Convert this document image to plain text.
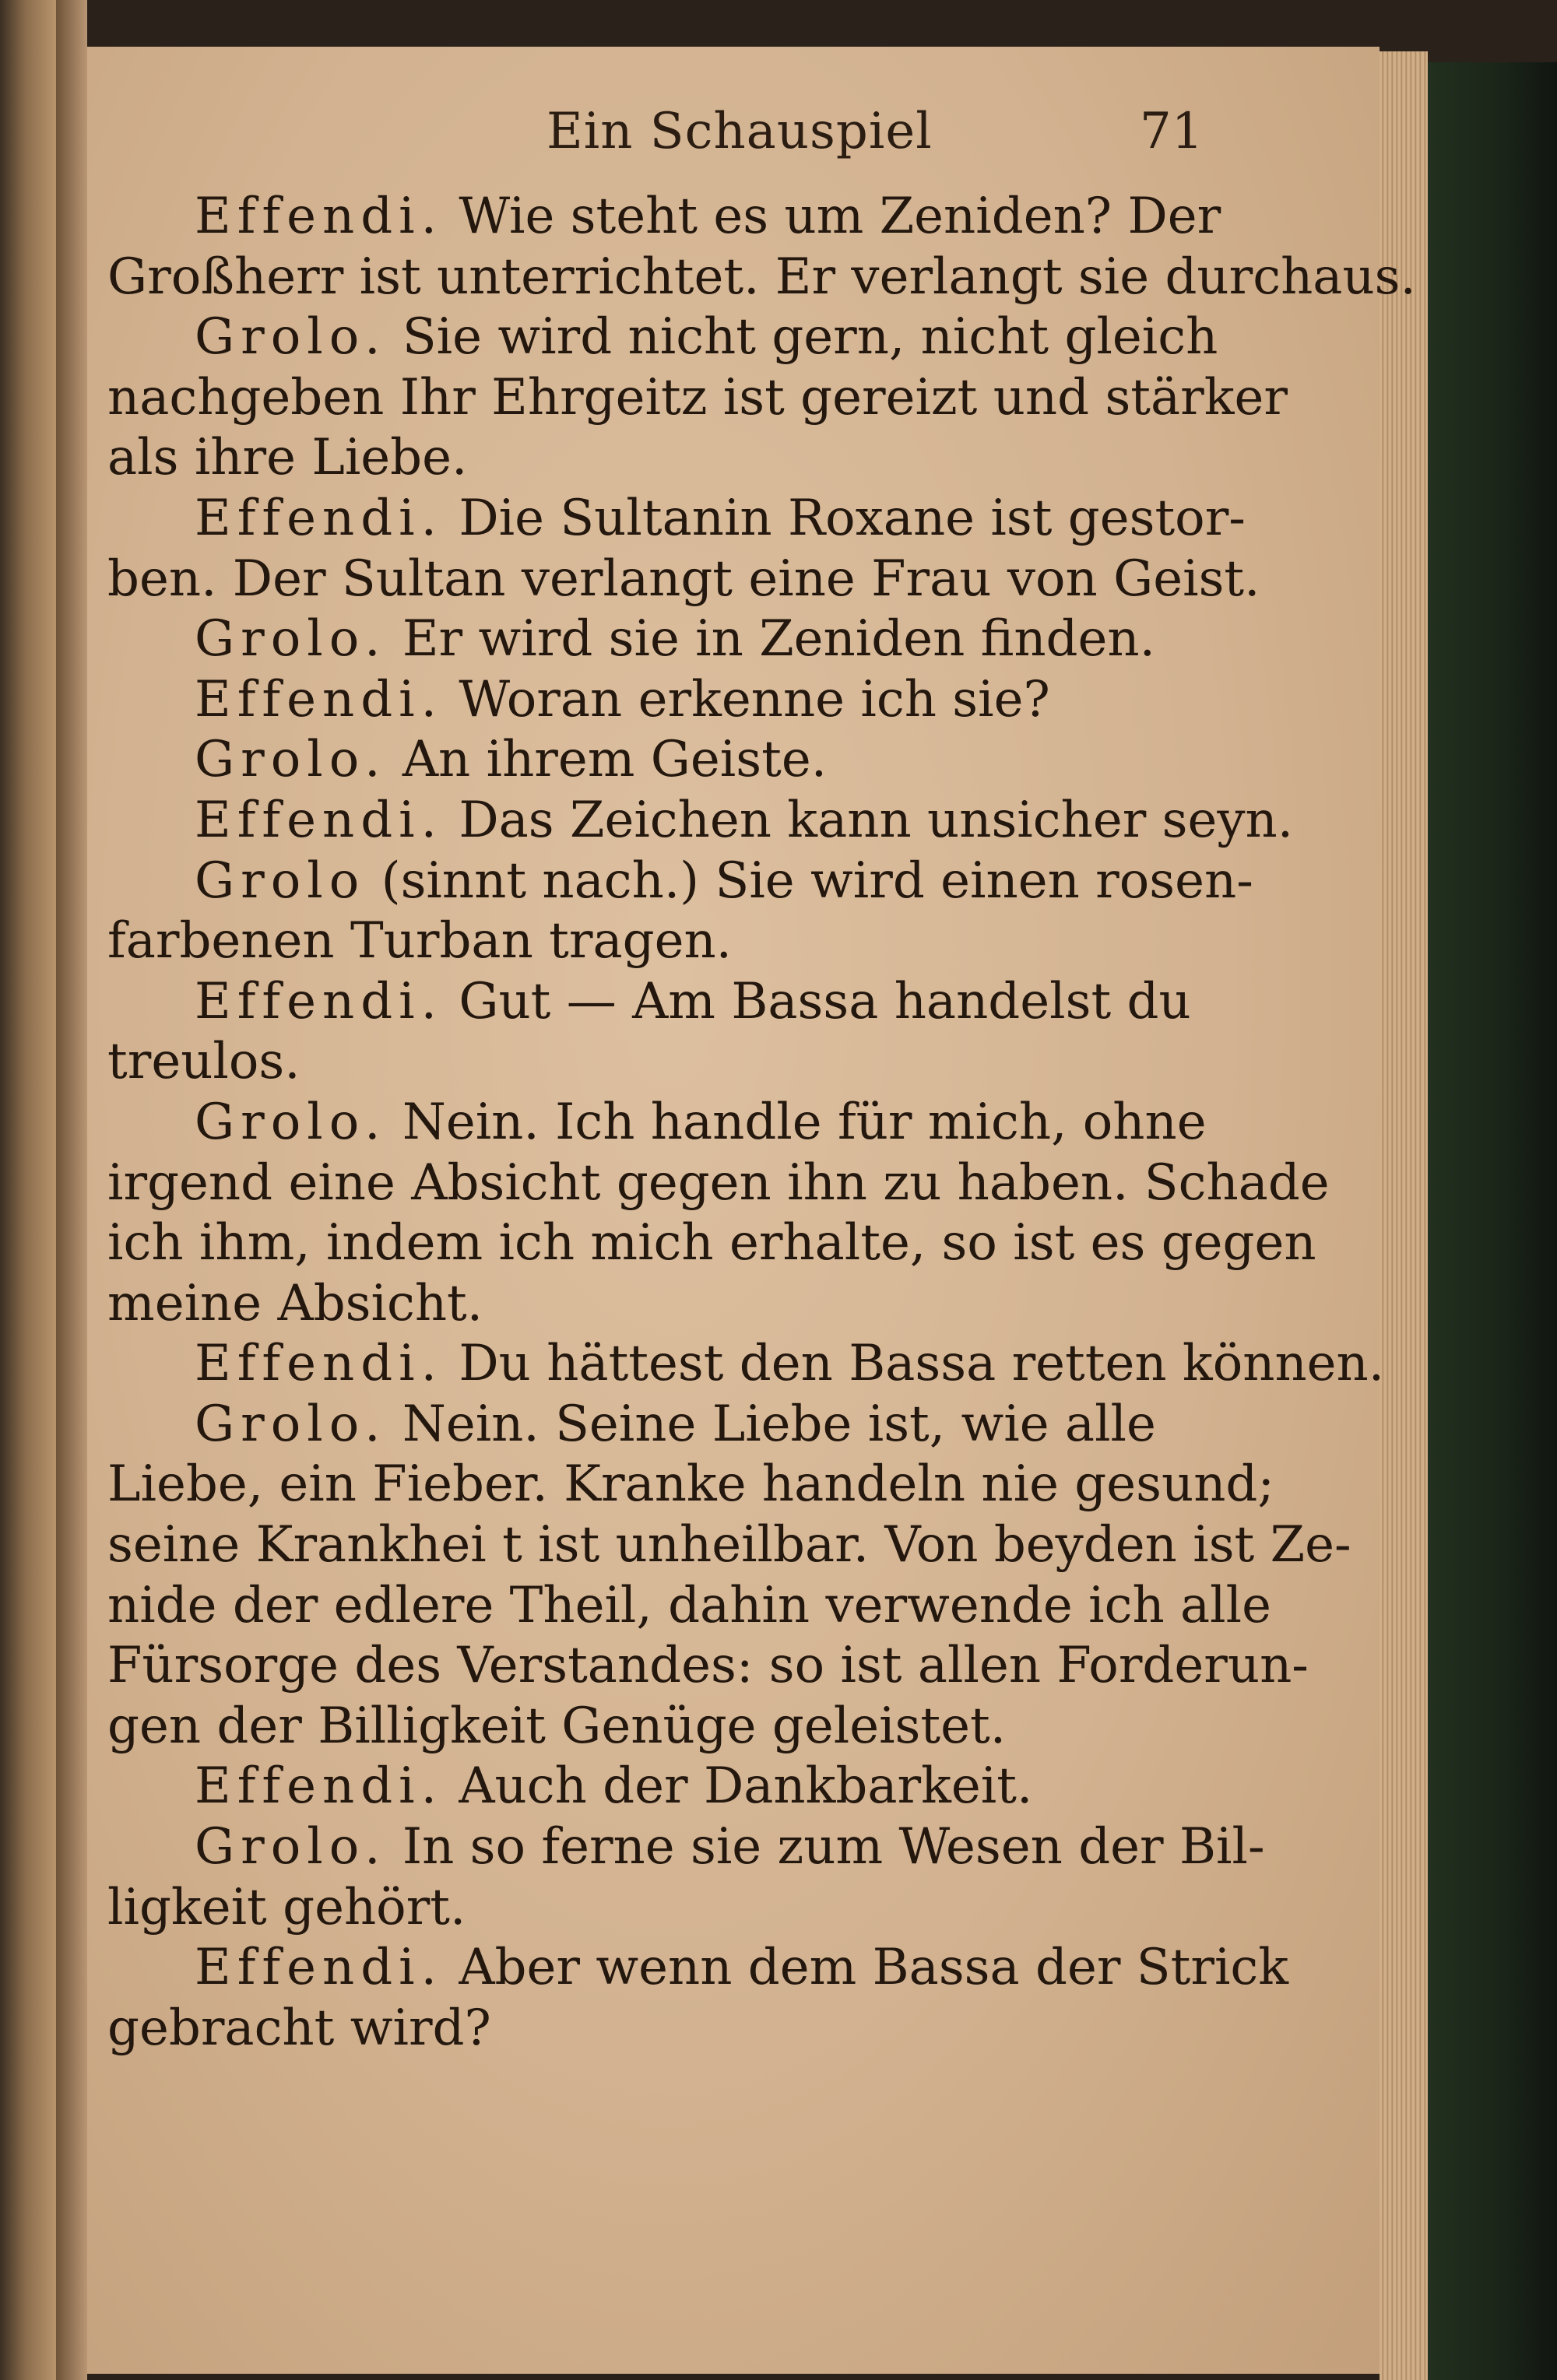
Ein Schauspiel	71
Effendi. Wie steht es um Zeniden? Der
Großherr ist unterrichtet. Er verlangt sie durchaus.
Grolo. Sie wird nicht gern, nicht gleich
nachgeben Ihr Ehrgeitz ist gereizt und stärker
als ihre Liebe.
Effendi. Die Sultanin Roxane ist gestor-
ben. Der Sultan verlangt eine Frau von Geist.
Grolo. Er wird sie in Zeniden finden.
Effendi. Woran erkenne ich sie?
Grolo. An ihrem Geiste.
Effendi. Das Zeichen kann unsicher seyn.
Grolo (sinnt nach.) Sie wird einen rosen-
farbenen Turban tragen.
Effendi. Gut — Am Bassa handelst du
treulos.
Grolo. Nein. Ich handle für mich, ohne
irgend eine Absicht gegen ihn zu haben. Schade
ich ihm, indem ich mich erhalte, so ist es gegen
meine Absicht.
Effendi. Du hättest den Bassa retten können.
Grolo. Nein. Seine Liebe ist, wie alle
Liebe, ein Fieber. Kranke handeln nie gesund;
seine Krankhei t ist unheilbar. Von beyden ist Ze-
nide der edlere Theil, dahin verwende ich alle
Fürsorge des Verstandes: so ist allen Forderun-
gen der Billigkeit Genüge geleistet.
Effendi. Auch der Dankbarkeit.
Grolo. In so ferne sie zum Wesen der Bil-
ligkeit gehört.
Effendi. Aber wenn dem Bassa der Strick
gebracht wird?
